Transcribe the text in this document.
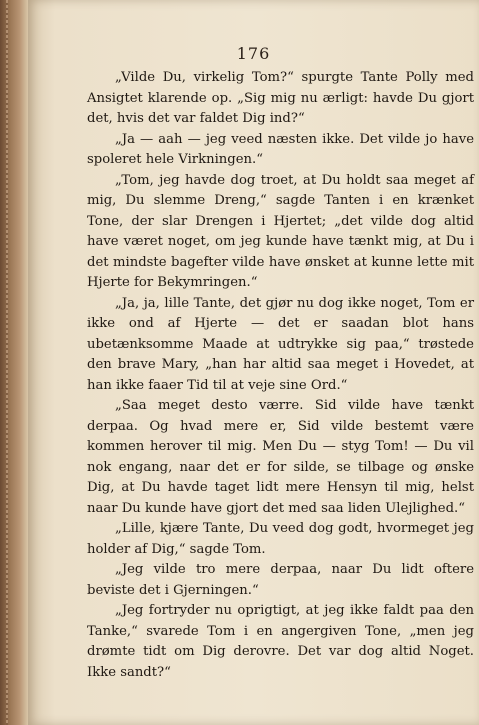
176

„Vilde Du, virkelig Tom?“ spurgte Tante Polly med Ansigtet klarende op. „Sig mig nu ærligt: havde Du gjort det, hvis det var faldet Dig ind?“

„Ja — aah — jeg veed næsten ikke. Det vilde jo have spoleret hele Virkningen.“

„Tom, jeg havde dog troet, at Du holdt saa meget af mig, Du slemme Dreng,“ sagde Tanten i en krænket Tone, der slar Drengen i Hjertet; „det vilde dog altid have været noget, om jeg kunde have tænkt mig, at Du i det mindste bagefter vilde have ønsket at kunne lette mit Hjerte for Bekymringen.“

„Ja, ja, lille Tante, det gjør nu dog ikke noget, Tom er ikke ond af Hjerte — det er saadan blot hans ubetænksomme Maade at udtrykke sig paa,“ trøstede den brave Mary, „han har altid saa meget i Hovedet, at han ikke faaer Tid til at veje sine Ord.“

„Saa meget desto værre. Sid vilde have tænkt derpaa. Og hvad mere er, Sid vilde bestemt være kommen herover til mig. Men Du — styg Tom! — Du vil nok engang, naar det er for silde, se tilbage og ønske Dig, at Du havde taget lidt mere Hensyn til mig, helst naar Du kunde have gjort det med saa liden Ulejlighed.“

„Lille, kjære Tante, Du veed dog godt, hvormeget jeg holder af Dig,“ sagde Tom.

„Jeg vilde tro mere derpaa, naar Du lidt oftere beviste det i Gjerningen.“

„Jeg fortryder nu oprigtigt, at jeg ikke faldt paa den Tanke,“ svarede Tom i en angergiven Tone, „men jeg drømte tidt om Dig derovre. Det var dog altid Noget. Ikke sandt?“
